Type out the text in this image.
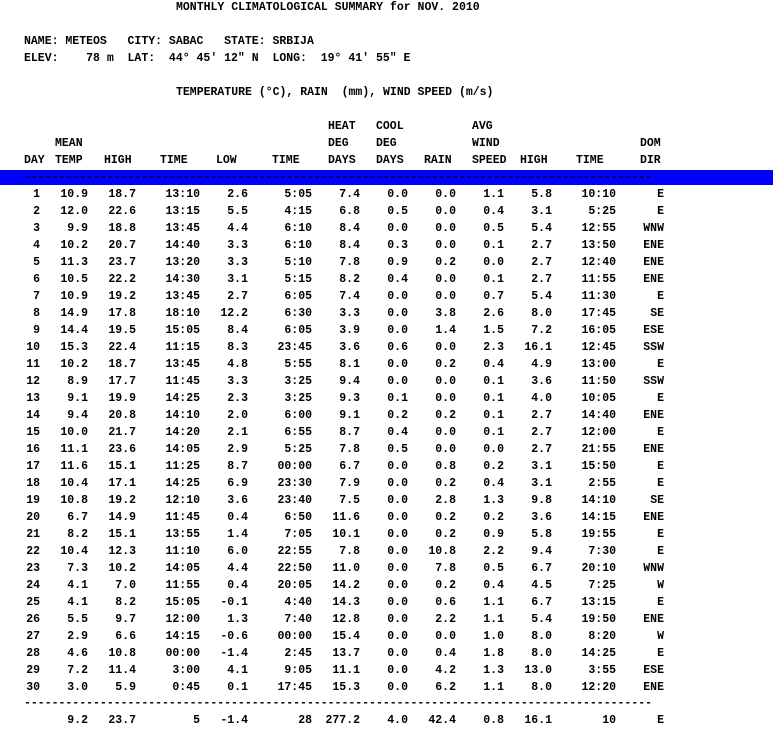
MONTHLY CLIMATOLOGICAL SUMMARY for NOV. 2010
NAME: METEOS   CITY: SABAC   STATE: SRBIJA
ELEV:    78 m  LAT:  44° 45' 12" N  LONG:  19° 41' 55" E
TEMPERATURE (°C), RAIN  (mm), WIND SPEED (m/s)
MEAN
HEAT COOL	AVG
DEG DEG	WIND	DOM
DAY TEMP HIGH TIME LOW	TIME DAYS DAYS RAIN SPEED HIGH TIME	DIR
-------------------------------------------------------------------------------------------
1 10.9 18.7	13:10 2.6	5:05 7.4 0.0 0.0 1.1 5.8	10:10	E
2 12.0 22.6	13:15 5.5	4:15 6.8 0.5 0.0 0.4 3.1	5:25	E
3 9.9 18.8	13:45 4.4	6:10 8.4 0.0 0.0 0.5 5.4	12:55 WNW
4 10.2 20.7	14:40 3.3	6:10 8.4 0.3 0.0 0.1 2.7	13:50 ENE
5 11.3 23.7	13:20 3.3	5:10 7.8 0.9 0.2 0.0 2.7	12:40 ENE
6 10.5 22.2	14:30 3.1	5:15 8.2 0.4 0.0 0.1 2.7	11:55 ENE
7 10.9 19.2	13:45 2.7	6:05 7.4 0.0 0.0 0.7 5.4	11:30	E
8 14.9 17.8	18:10 12.2	6:30 3.3 0.0 3.8 2.6 8.0	17:45	SE
9 14.4 19.5	15:05 8.4	6:05 3.9 0.0 1.4 1.5 7.2	16:05 ESE
10 15.3 22.4	11:15 8.3	23:45 3.6 0.6 0.0 2.3 16.1	12:45 SSW
11 10.2 18.7	13:45 4.8	5:55 8.1 0.0 0.2 0.4 4.9	13:00	E
12 8.9 17.7	11:45 3.3	3:25 9.4 0.0 0.0 0.1 3.6	11:50 SSW
13 9.1 19.9	14:25 2.3	3:25 9.3 0.1 0.0 0.1 4.0	10:05	E
14 9.4 20.8	14:10 2.0	6:00 9.1 0.2 0.2 0.1 2.7	14:40 ENE
15 10.0 21.7	14:20 2.1	6:55 8.7 0.4 0.0 0.1 2.7	12:00	E
16 11.1 23.6	14:05 2.9	5:25 7.8 0.5 0.0 0.0 2.7	21:55 ENE
17 11.6 15.1	11:25 8.7	00:00 6.7 0.0 0.8 0.2 3.1	15:50	E
18 10.4 17.1	14:25 6.9	23:30 7.9 0.0 0.2 0.4 3.1	2:55	E
19 10.8 19.2	12:10 3.6	23:40 7.5 0.0 2.8 1.3 9.8	14:10	SE
20 6.7 14.9	11:45 0.4	6:50 11.6 0.0 0.2 0.2 3.6	14:15 ENE
21 8.2 15.1	13:55 1.4	7:05 10.1 0.0 0.2 0.9 5.8	19:55	E
22 10.4 12.3	11:10 6.0	22:55 7.8 0.0 10.8 2.2 9.4	7:30	E
23 7.3 10.2	14:05 4.4	22:50 11.0 0.0 7.8 0.5 6.7	20:10 WNW
24 4.1 7.0	11:55 0.4	20:05 14.2 0.0 0.2 0.4 4.5	7:25	W
25 4.1 8.2	15:05 -0.1	4:40 14.3 0.0 0.6 1.1 6.7	13:15	E
26 5.5 9.7	12:00 1.3	7:40 12.8 0.0 2.2 1.1 5.4	19:50 ENE
27 2.9 6.6	14:15 -0.6	00:00 15.4 0.0 0.0 1.0 8.0	8:20	W
28 4.6 10.8	00:00 -1.4	2:45 13.7 0.0 0.4 1.8 8.0	14:25	E
29 7.2 11.4	3:00 4.1	9:05 11.1 0.0 4.2 1.3 13.0	3:55 ESE
30 3.0 5.9	0:45 0.1	17:45 15.3 0.0 6.2 1.1 8.0	12:20 ENE
-------------------------------------------------------------------------------------------
9.2 23.7	5 -1.4	28 277.2 4.0 42.4 0.8 16.1	10	E
